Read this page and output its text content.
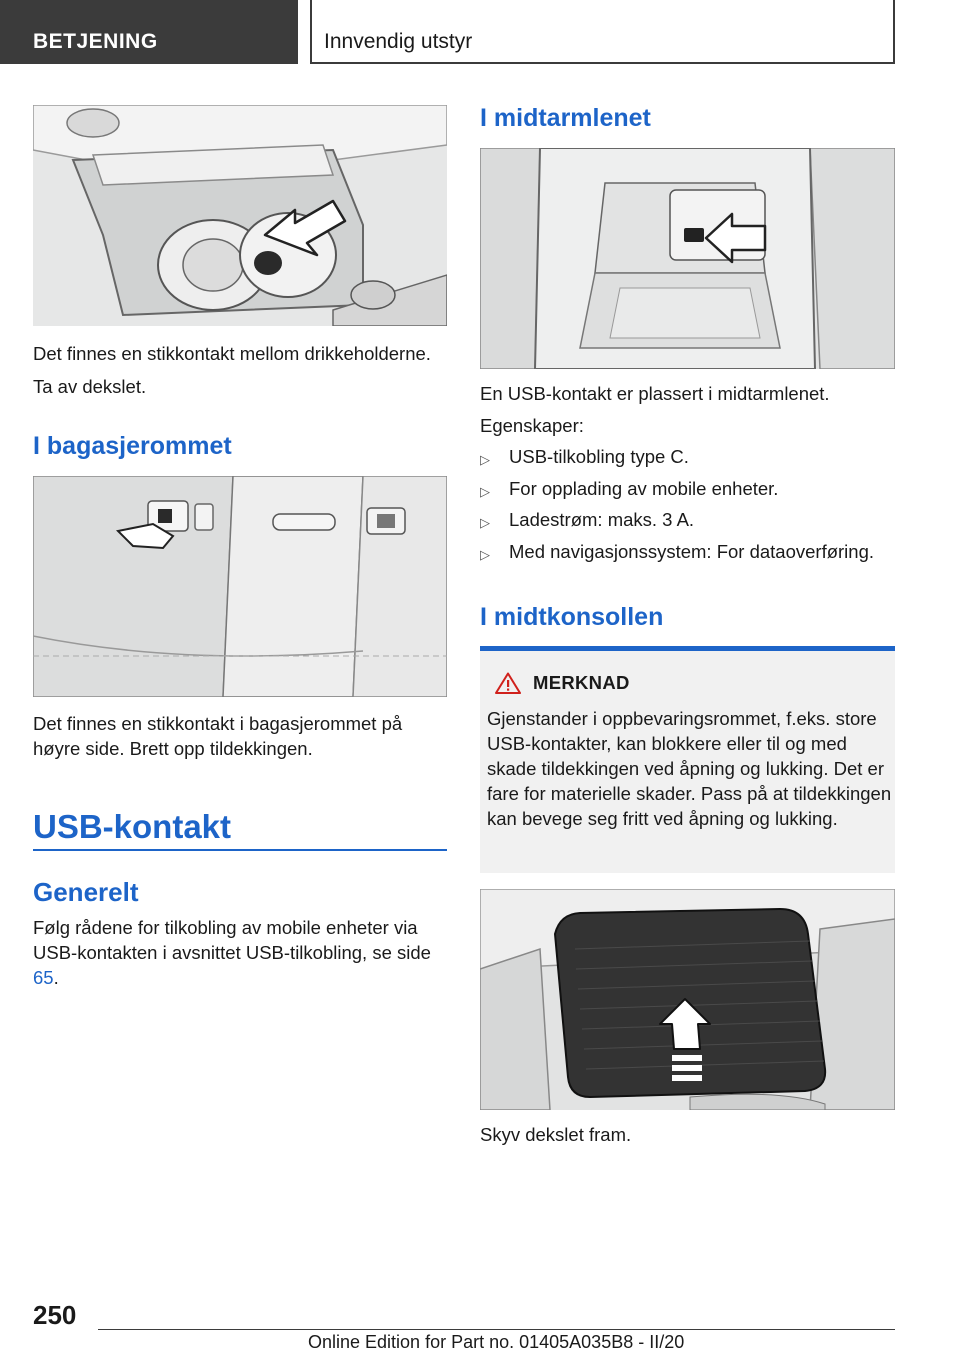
BETJENING	Innvendig utstyr

Det finnes en stikkontakt mellom drikkeholderne.

Ta av dekslet.

I bagasjerommet

Det finnes en stikkontakt i bagasjerommet på høyre side. Brett opp tildekkingen.

USB-kontakt
Generelt

Følg rådene for tilkobling av mobile enheter via USB-kontakten i avsnittet USB-tilkobling, se side 65.

I midtarmlenet

En USB-kontakt er plassert i midtarmlenet.

Egenskaper:

▷ USB-tilkobling type C.
▷ For opplading av mobile enheter.
▷ Ladestrøm: maks. 3 A.
▷ Med navigasjonssystem: For dataoverføring.
I midtkonsollen
MERKNAD
Gjenstander i oppbevaringsrommet, f.eks. store USB-kontakter, kan blokkere eller til og med skade tildekkingen ved åpning og lukking. Det er fare for materielle skader. Pass på at tildekkingen kan bevege seg fritt ved åpning og lukking.

Skyv dekslet fram.

250
Online Edition for Part no. 01405A035B8 - II/20
